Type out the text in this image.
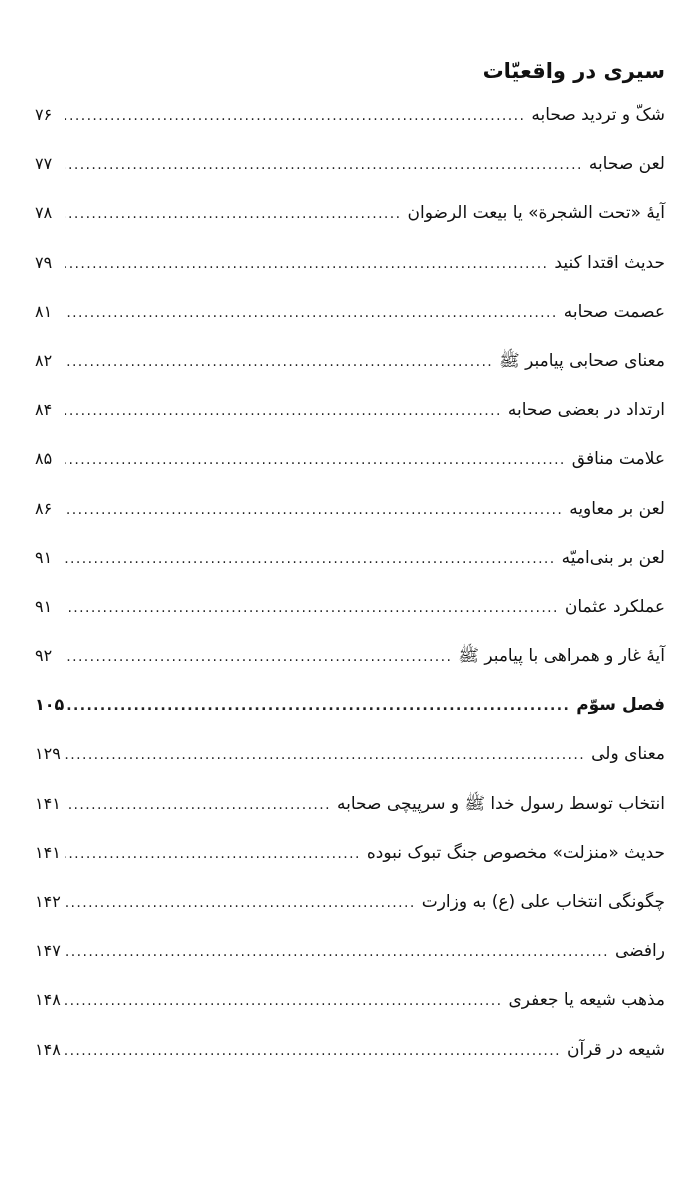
سیری در واقعیّات
شکّ و تردید صحابه
.....
۷۶
لعن صحابه
.....
۷۷
آیهٔ «تحت الشجرة» یا بیعت الرضوان
.....
۷۸
حدیث اقتدا کنید
.....
۷۹
عصمت صحابه
.....
۸۱
معنای صحابی پیامبر ﷺ
.....
۸۲
ارتداد در بعضی صحابه
.....
۸۴
علامت منافق
.....
۸۵
لعن بر معاویه
.....
۸۶
لعن بر بنی‌امیّه
.....
۹۱
عملکرد عثمان
.....
۹۱
آیهٔ غار و همراهی با پیامبر ﷺ
.....
۹۲
فصل سوّم
.....
۱۰۵
معنای ولی
.....
۱۲۹
انتخاب توسط رسول خدا ﷺ و سرپیچی صحابه
.....
۱۴۱
حدیث «منزلت» مخصوص جنگ تبوک نبوده
.....
۱۴۱
چگونگی انتخاب علی (ع) به وزارت
.....
۱۴۲
رافضی
.....
۱۴۷
مذهب شیعه یا جعفری
.....
۱۴۸
شیعه در قرآن
.....
۱۴۸
